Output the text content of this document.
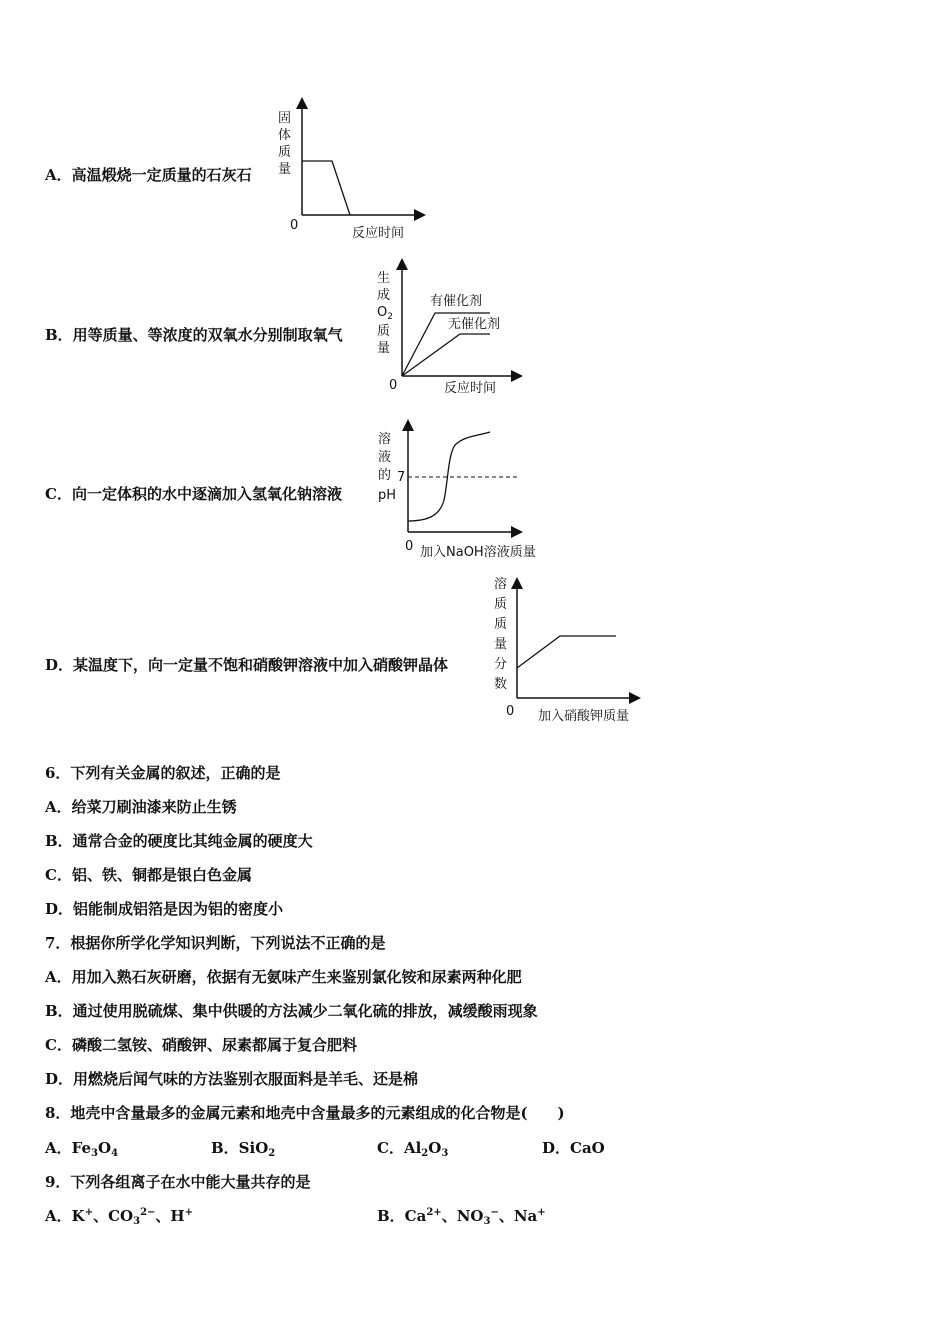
A．高温煅烧一定质量的石灰石
固
体
质
量
0
反应时间
B．用等质量、等浓度的双氧水分别制取氧气
有催化剂
无催化剂
生
成
$O_2$
质
量
0	反应时间
C．向一定体积的水中逐滴加入氢氧化钠溶液
溶
液
的
pH
7
0 加入NaOH溶液质量
D．某温度下，向一定量不饱和硝酸钾溶液中加入硝酸钾晶体
溶
质
质
量
分
数
0 加入硝酸钾质量
6．下列有关金属的叙述，正确的是
A．给菜刀刷油漆来防止生锈
B．通常合金的硬度比其纯金属的硬度大
C．铝、铁、铜都是银白色金属
D．铝能制成铝箔是因为铝的密度小
7．根据你所学化学知识判断，下列说法不正确的是
A．用加入熟石灰研磨，依据有无氨味产生来鉴别氯化铵和尿素两种化肥
B．通过使用脱硫煤、集中供暖的方法减少二氧化硫的排放，减缓酸雨现象
C．磷酸二氢铵、硝酸钾、尿素都属于复合肥料
D．用燃烧后闻气味的方法鉴别衣服面料是羊毛、还是棉
8．地壳中含量最多的金属元素和地壳中含量最多的元素组成的化合物是(　　)
A．$Fe_3O_4$	B．SiO$_2$	C．$Al_2O_3$	D．CaO
9．下列各组离子在水中能大量共存的是
A．K+、$CO_3^{2-}$、H+	B．$Ca^{2+}$、$NO_3^-$、Na+
